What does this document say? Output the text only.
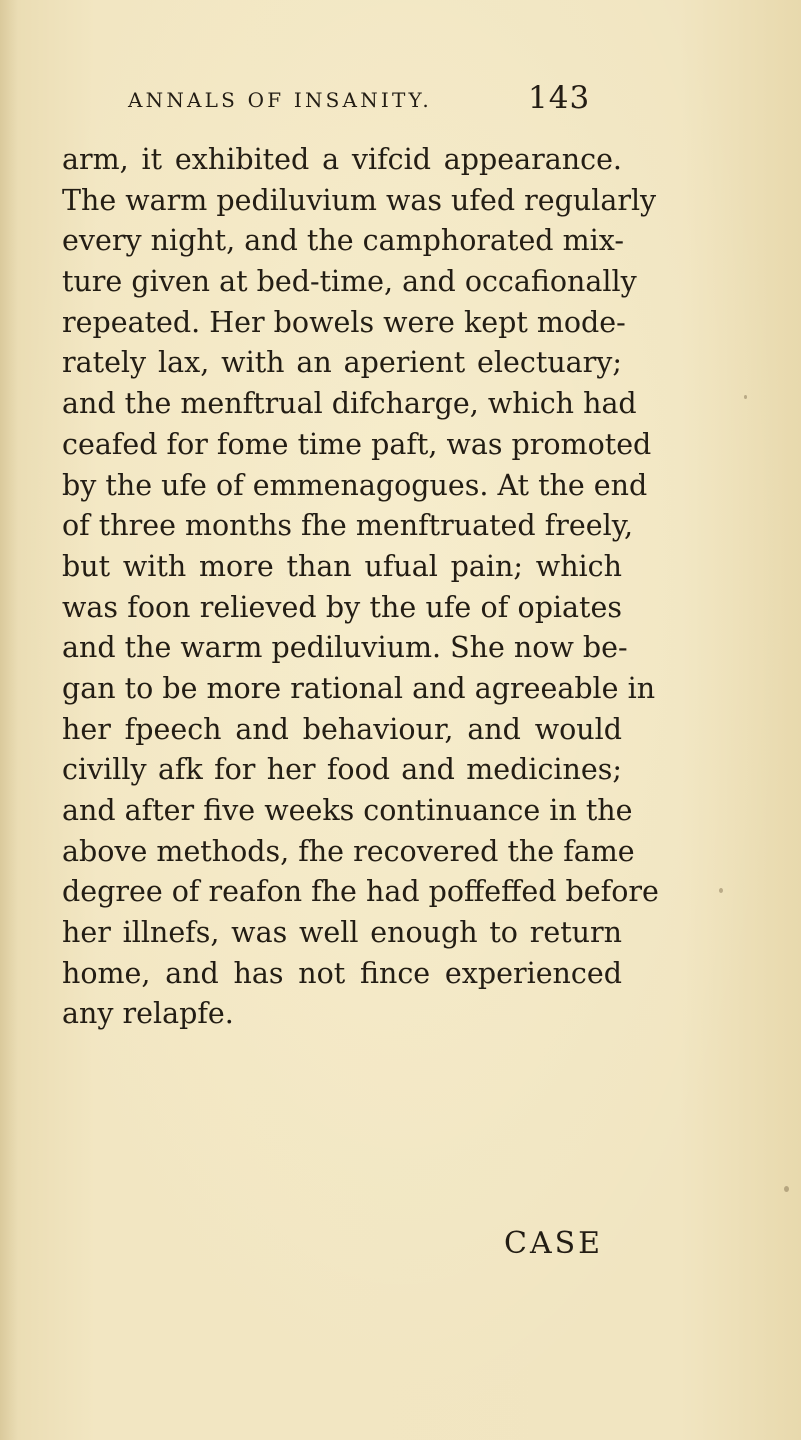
ANNALS OF INSANITY.	143
arm, it exhibited a vifcid appearance.
The warm pediluvium was ufed regularly
every night, and the camphorated mix-
ture given at bed-time, and occafionally
repeated. Her bowels were kept mode-
rately lax, with an aperient electuary;
and the menftrual difcharge, which had
ceafed for fome time paft, was promoted
by the ufe of emmenagogues. At the end
of three months fhe menftruated freely,
but with more than ufual pain; which
was foon relieved by the ufe of opiates
and the warm pediluvium. She now be-
gan to be more rational and agreeable in
her fpeech and behaviour, and would
civilly afk for her food and medicines;
and after five weeks continuance in the
above methods, fhe recovered the fame
degree of reafon fhe had poffeffed before
her illnefs, was well enough to return
home, and has not fince experienced
any relapfe.
CASE
